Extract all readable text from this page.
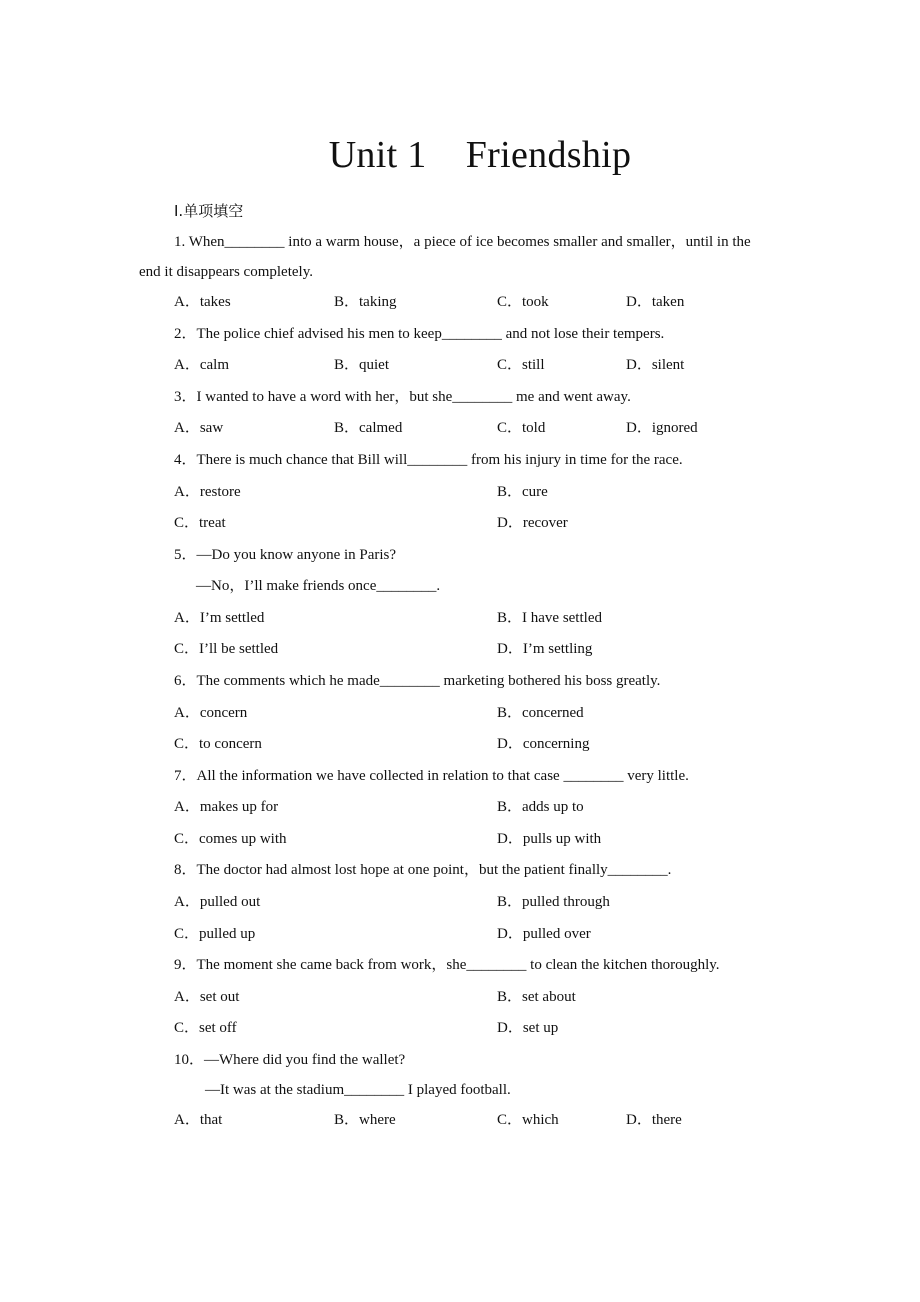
Unit 1    Friendship
Ⅰ.单项填空
1. When________ into a warm house，a piece of ice becomes smaller and smaller，until in the
end it disappears completely.
A．takes	B．taking	C．took	D．taken
2．The police chief advised his men to keep________ and not lose their tempers.
A．calm	B．quiet	C．still	D．silent
3．I wanted to have a word with her，but she________ me and went away.
A．saw	B．calmed	C．told	D．ignored
4．There is much chance that Bill will________ from his injury in time for the race.
A．restore	B．cure
C．treat	D．recover
5．—Do you know anyone in Paris?
—No，I’ll make friends once________.
A．I’m settled	B．I have settled
C．I’ll be settled	D．I’m settling
6．The comments which he made________ marketing bothered his boss greatly.
A．concern	B．concerned
C．to concern	D．concerning
7．All the information we have collected in relation to that case ________ very little.
A．makes up for	B．adds up to
C．comes up with	D．pulls up with
8．The doctor had almost lost hope at one point，but the patient finally________.
A．pulled out	B．pulled through
C．pulled up	D．pulled over
9．The moment she came back from work，she________ to clean the kitchen thoroughly.
A．set out	B．set about
C．set off	D．set up
10．—Where did you find the wallet?
—It was at the stadium________ I played football.
A．that	B．where	C．which	D．there
